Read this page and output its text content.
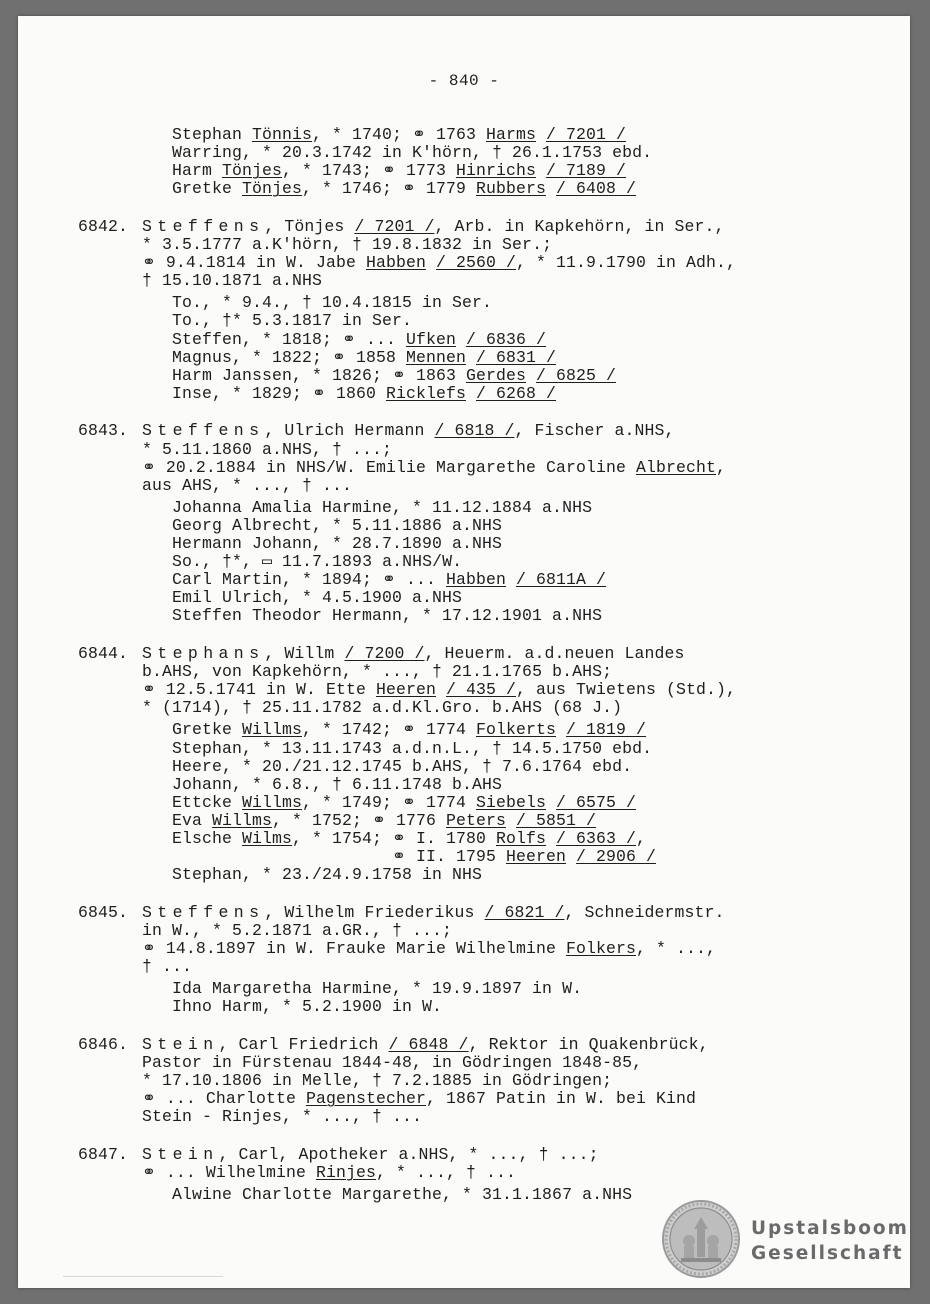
- 840 -
Stephan Tönnis, * 1740; ⚭ 1763 Harms / 7201 /
Warring, * 20.3.1742 in K'hörn, † 26.1.1753 ebd.
Harm Tönjes, * 1743; ⚭ 1773 Hinrichs / 7189 /
Gretke Tönjes, * 1746; ⚭ 1779 Rubbers / 6408 /
6842. Steffens, Tönjes / 7201 /, Arb. in Kapkehörn, in Ser.,
* 3.5.1777 a.K'hörn, † 19.8.1832 in Ser.;
⚭ 9.4.1814 in W. Jabe Habben / 2560 /, * 11.9.1790 in Adh.,
† 15.10.1871 a.NHS
To., * 9.4., † 10.4.1815 in Ser.
To., †* 5.3.1817 in Ser.
Steffen, * 1818; ⚭ ... Ufken / 6836 /
Magnus, * 1822; ⚭ 1858 Mennen / 6831 /
Harm Janssen, * 1826; ⚭ 1863 Gerdes / 6825 /
Inse, * 1829; ⚭ 1860 Ricklefs / 6268 /
6843. Steffens, Ulrich Hermann / 6818 /, Fischer a.NHS,
* 5.11.1860 a.NHS, † ...;
⚭ 20.2.1884 in NHS/W. Emilie Margarethe Caroline Albrecht,
aus AHS, * ..., † ...
Johanna Amalia Harmine, * 11.12.1884 a.NHS
Georg Albrecht, * 5.11.1886 a.NHS
Hermann Johann, * 28.7.1890 a.NHS
So., †*, ▭ 11.7.1893 a.NHS/W.
Carl Martin, * 1894; ⚭ ... Habben / 6811A /
Emil Ulrich, * 4.5.1900 a.NHS
Steffen Theodor Hermann, * 17.12.1901 a.NHS
6844. Stephans, Willm / 7200 /, Heuerm. a.d.neuen Landes
b.AHS, von Kapkehörn, * ..., † 21.1.1765 b.AHS;
⚭ 12.5.1741 in W. Ette Heeren / 435 /, aus Twietens (Std.),
* (1714), † 25.11.1782 a.d.Kl.Gro. b.AHS (68 J.)
Gretke Willms, * 1742; ⚭ 1774 Folkerts / 1819 /
Stephan, * 13.11.1743 a.d.n.L., † 14.5.1750 ebd.
Heere, * 20./21.12.1745 b.AHS, † 7.6.1764 ebd.
Johann, * 6.8., † 6.11.1748 b.AHS
Ettcke Willms, * 1749; ⚭ 1774 Siebels / 6575 /
Eva Willms, * 1752; ⚭ 1776 Peters / 5851 /
Elsche Wilms, * 1754; ⚭ I. 1780 Rolfs / 6363 /,
⚭ II. 1795 Heeren / 2906 /
Stephan, * 23./24.9.1758 in NHS
6845. Steffens, Wilhelm Friederikus / 6821 /, Schneidermstr.
in W., * 5.2.1871 a.GR., † ...;
⚭ 14.8.1897 in W. Frauke Marie Wilhelmine Folkers, * ...,
† ...
Ida Margaretha Harmine, * 19.9.1897 in W.
Ihno Harm, * 5.2.1900 in W.
6846. Stein, Carl Friedrich / 6848 /, Rektor in Quakenbrück,
Pastor in Fürstenau 1844-48, in Gödringen 1848-85,
* 17.10.1806 in Melle, † 7.2.1885 in Gödringen;
⚭ ... Charlotte Pagenstecher, 1867 Patin in W. bei Kind
Stein - Rinjes, * ..., † ...
6847. Stein, Carl, Apotheker a.NHS, * ..., † ...;
⚭ ... Wilhelmine Rinjes, * ..., † ...
Alwine Charlotte Margarethe, * 31.1.1867 a.NHS
Upstalsboom
Gesellschaft
